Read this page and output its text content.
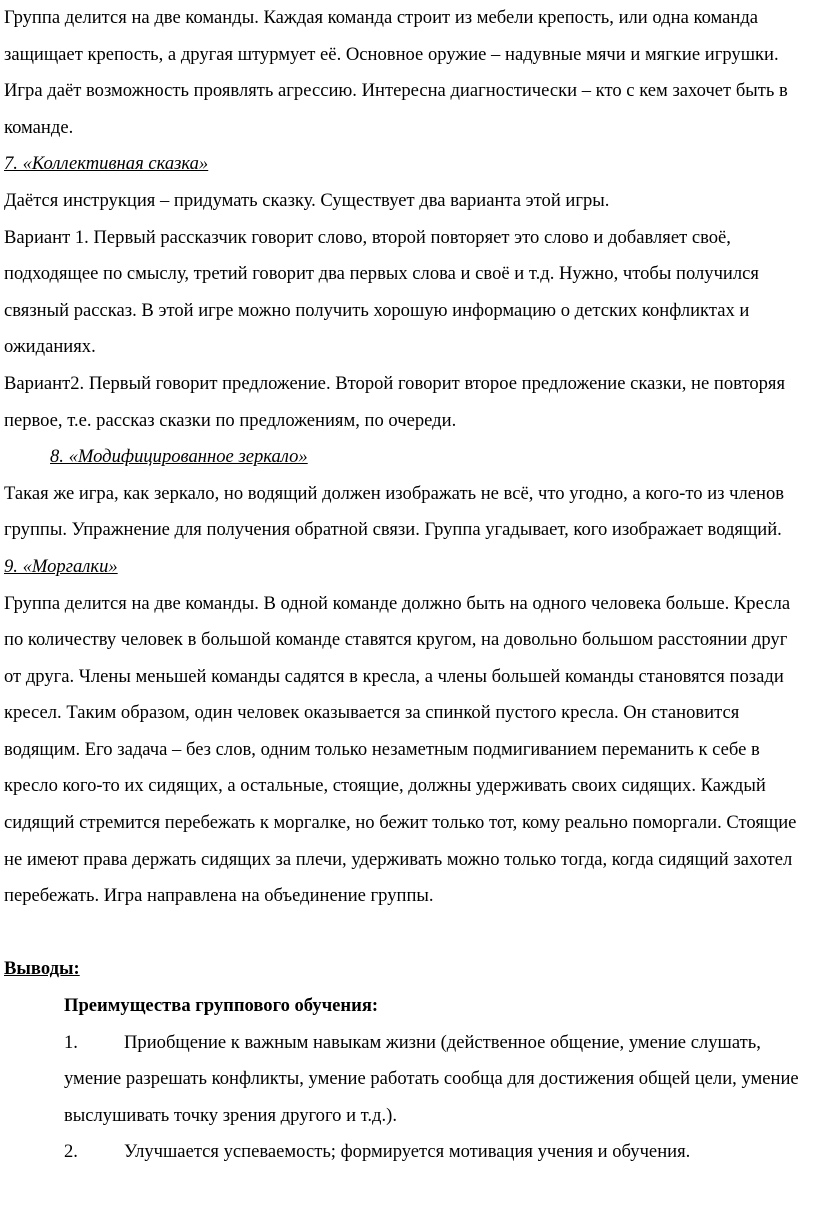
Группа делится на две команды. Каждая команда строит из мебели крепость, или одна команда защищает крепость, а другая штурмует её. Основное оружие – надувные мячи и мягкие игрушки. Игра даёт возможность проявлять агрессию. Интересна диагностически – кто с кем захочет быть в команде.

7. «Коллективная сказка»

Даётся инструкция – придумать сказку. Существует два варианта этой игры.

Вариант 1. Первый рассказчик говорит слово, второй повторяет это слово и добавляет своё, подходящее по смыслу, третий говорит два первых слова и своё и т.д. Нужно, чтобы получился связный рассказ. В этой игре можно получить хорошую информацию о детских конфликтах и ожиданиях.

Вариант2. Первый говорит предложение. Второй говорит второе предложение сказки, не повторяя первое, т.е. рассказ сказки по предложениям, по очереди.

8. «Модифицированное зеркало»

Такая же игра, как зеркало, но водящий должен изображать не всё, что угодно, а кого-то из членов группы. Упражнение для получения обратной связи. Группа угадывает, кого изображает водящий.

9. «Моргалки»

Группа делится на две команды. В одной команде должно быть на одного человека больше. Кресла по количеству человек в большой команде ставятся кругом, на довольно большом расстоянии друг от друга. Члены меньшей команды садятся в кресла, а члены большей команды становятся позади кресел. Таким образом, один человек оказывается за спинкой пустого кресла. Он становится водящим. Его задача – без слов, одним только незаметным подмигиванием переманить к себе в кресло кого-то их сидящих, а остальные, стоящие, должны удерживать своих сидящих. Каждый сидящий стремится перебежать к моргалке, но бежит только тот, кому реально поморгали. Стоящие не имеют права держать сидящих за плечи, удерживать можно только тогда, когда сидящий захотел перебежать. Игра направлена на объединение группы.

Выводы:

Преимущества группового обучения:

1. Приобщение к важным навыкам жизни (действенное общение, умение слушать, умение разрешать конфликты, умение работать сообща для достижения общей цели, умение выслушивать точку зрения другого и т.д.).

2. Улучшается успеваемость; формируется мотивация учения и обучения.
